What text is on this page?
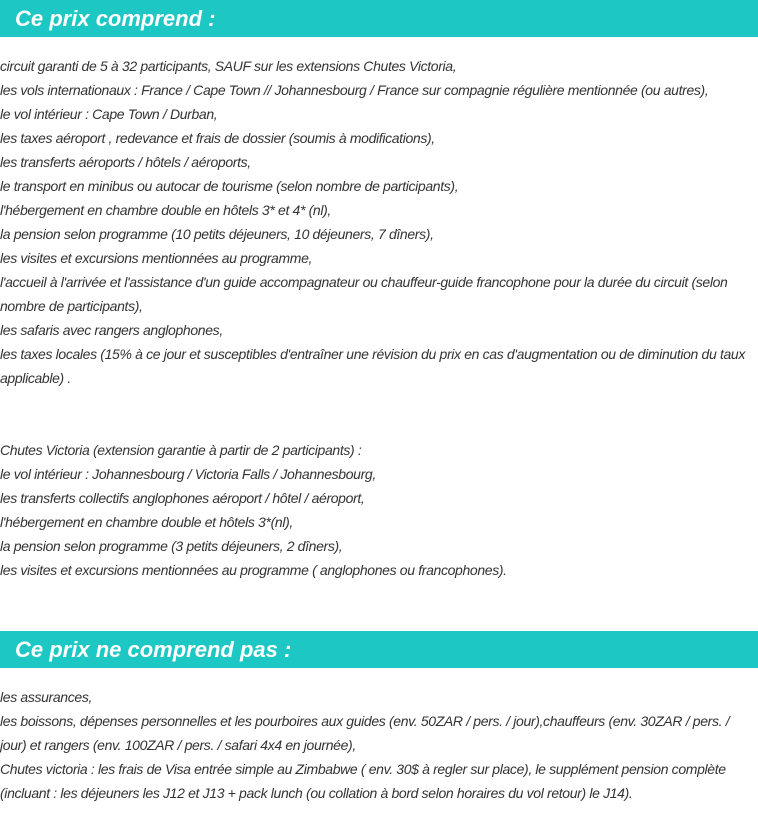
Ce prix comprend :
circuit garanti de 5 à 32 participants, SAUF sur les extensions Chutes Victoria,
les vols internationaux : France / Cape Town // Johannesbourg / France sur compagnie régulière mentionnée (ou autres),
le vol intérieur : Cape Town / Durban,
les taxes aéroport , redevance et frais de dossier (soumis à modifications),
les transferts aéroports / hôtels / aéroports,
le transport en minibus ou autocar de tourisme (selon nombre de participants),
l'hébergement en chambre double en hôtels 3* et 4* (nl),
la pension selon programme (10 petits déjeuners, 10 déjeuners, 7 dîners),
les visites et excursions mentionnées au programme,
l'accueil à l'arrivée et l'assistance d'un guide accompagnateur ou chauffeur-guide francophone pour la durée du circuit (selon nombre de participants),
les safaris avec rangers anglophones,
les taxes locales (15% à ce jour et susceptibles d'entraîner une révision du prix en cas d'augmentation ou de diminution du taux applicable) .
Chutes Victoria (extension garantie à partir de 2 participants) :
le vol intérieur : Johannesbourg / Victoria Falls / Johannesbourg,
les transferts collectifs anglophones aéroport / hôtel / aéroport,
l'hébergement en chambre double et hôtels 3*(nl),
la pension selon programme (3 petits déjeuners, 2 dîners),
les visites et excursions mentionnées au programme ( anglophones ou francophones).
Ce prix ne comprend pas :
les assurances,
les boissons, dépenses personnelles et les pourboires aux guides (env. 50ZAR / pers. / jour),chauffeurs (env. 30ZAR / pers. / jour) et rangers (env. 100ZAR / pers. / safari 4x4 en journée),
Chutes victoria : les frais de Visa entrée simple au Zimbabwe ( env. 30$ à regler sur place), le supplément pension complète (incluant : les déjeuners les J12 et J13 + pack lunch (ou collation à bord selon horaires du vol retour) le J14).
